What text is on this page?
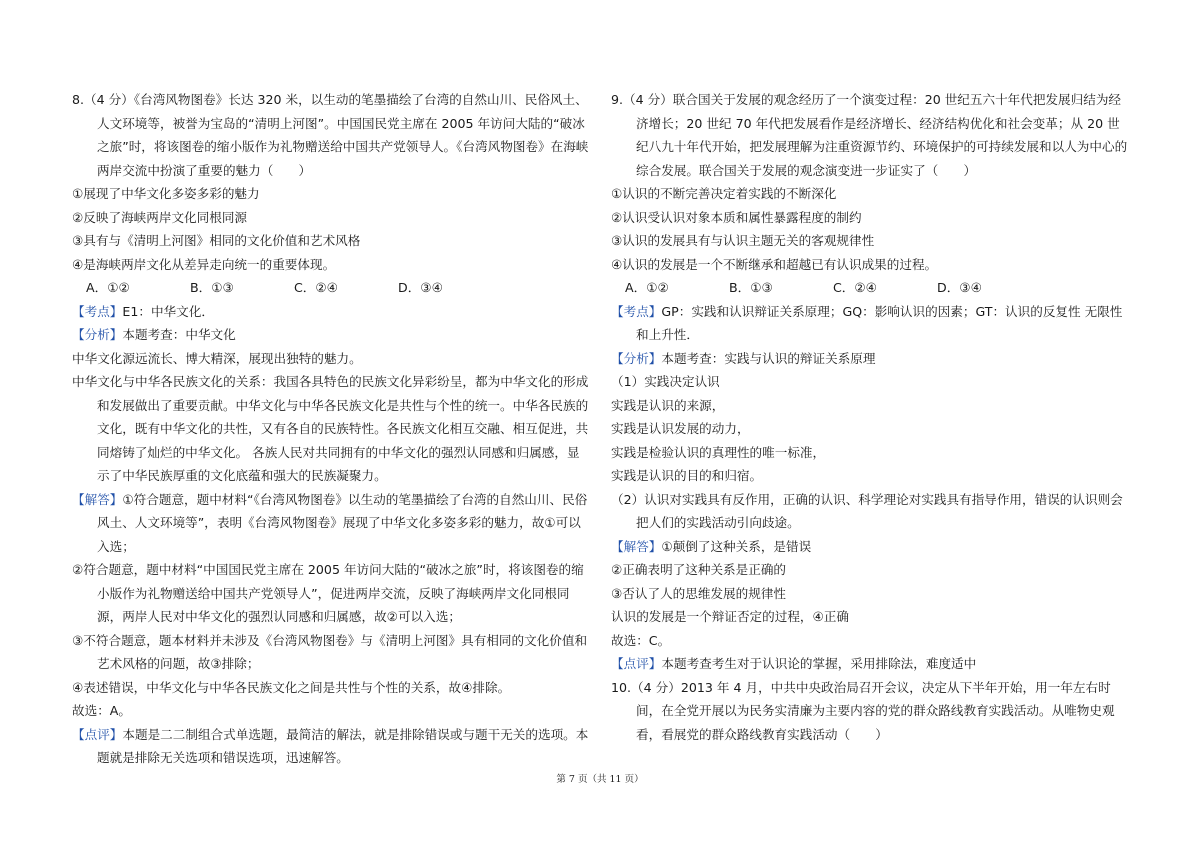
8.（4 分）《台湾风物图卷》长达 320 米，以生动的笔墨描绘了台湾的自然山川、民俗风土、人文环境等，被誉为宝岛的“清明上河图”。中国国民党主席在 2005 年访问大陆的“破冰之旅”时，将该图卷的缩小版作为礼物赠送给中国共产党领导人。《台湾风物图卷》在海峡两岸交流中扮演了重要的魅力（　　）

①展现了中华文化多姿多彩的魅力

②反映了海峡两岸文化同根同源

③具有与《清明上河图》相同的文化价值和艺术风格

④是海峡两岸文化从差异走向统一的重要体现。

A．①②	B．①③	C．②④	D．③④

【考点】E1：中华文化．

【分析】本题考查：中华文化

中华文化源远流长、博大精深，展现出独特的魅力。

中华文化与中华各民族文化的关系：我国各具特色的民族文化异彩纷呈，都为中华文化的形成和发展做出了重要贡献。中华文化与中华各民族文化是共性与个性的统一。中华各民族的文化，既有中华文化的共性，又有各自的民族特性。各民族文化相互交融、相互促进，共同熔铸了灿烂的中华文化。 各族人民对共同拥有的中华文化的强烈认同感和归属感，显示了中华民族厚重的文化底蕴和强大的民族凝聚力。

【解答】①符合题意，题中材料“《台湾风物图卷》以生动的笔墨描绘了台湾的自然山川、民俗风土、人文环境等”，表明《台湾风物图卷》展现了中华文化多姿多彩的魅力，故①可以入选；

②符合题意，题中材料“中国国民党主席在 2005 年访问大陆的“破冰之旅”时，将该图卷的缩小版作为礼物赠送给中国共产党领导人”，促进两岸交流，反映了海峡两岸文化同根同源，两岸人民对中华文化的强烈认同感和归属感，故②可以入选；

③不符合题意，题本材料并未涉及《台湾风物图卷》与《清明上河图》具有相同的文化价值和艺术风格的问题，故③排除；

④表述错误，中华文化与中华各民族文化之间是共性与个性的关系，故④排除。

故选：A。

【点评】本题是二二制组合式单选题，最简洁的解法，就是排除错误或与题干无关的选项。本题就是排除无关选项和错误选项，迅速解答。

9.（4 分）联合国关于发展的观念经历了一个演变过程：20 世纪五六十年代把发展归结为经济增长；20 世纪 70 年代把发展看作是经济增长、经济结构优化和社会变革；从 20 世纪八九十年代开始，把发展理解为注重资源节约、环境保护的可持续发展和以人为中心的综合发展。联合国关于发展的观念演变进一步证实了（　　）

①认识的不断完善决定着实践的不断深化

②认识受认识对象本质和属性暴露程度的制约

③认识的发展具有与认识主题无关的客观规律性

④认识的发展是一个不断继承和超越已有认识成果的过程。

A．①②	B．①③	C．②④	D．③④

【考点】GP：实践和认识辩证关系原理；GQ：影响认识的因素；GT：认识的反复性 无限性和上升性．

【分析】本题考查：实践与认识的辩证关系原理

（1）实践决定认识

实践是认识的来源，

实践是认识发展的动力，

实践是检验认识的真理性的唯一标准，

实践是认识的目的和归宿。

（2）认识对实践具有反作用，正确的认识、科学理论对实践具有指导作用，错误的认识则会把人们的实践活动引向歧途。

【解答】①颠倒了这种关系，是错误

②正确表明了这种关系是正确的

③否认了人的思维发展的规律性

认识的发展是一个辩证否定的过程，④正确

故选：C。

【点评】本题考查考生对于认识论的掌握，采用排除法，难度适中

10.（4 分）2013 年 4 月，中共中央政治局召开会议，决定从下半年开始，用一年左右时间，在全党开展以为民务实清廉为主要内容的党的群众路线教育实践活动。从唯物史观看，看展党的群众路线教育实践活动（　　）

第 7 页（共 11 页）
